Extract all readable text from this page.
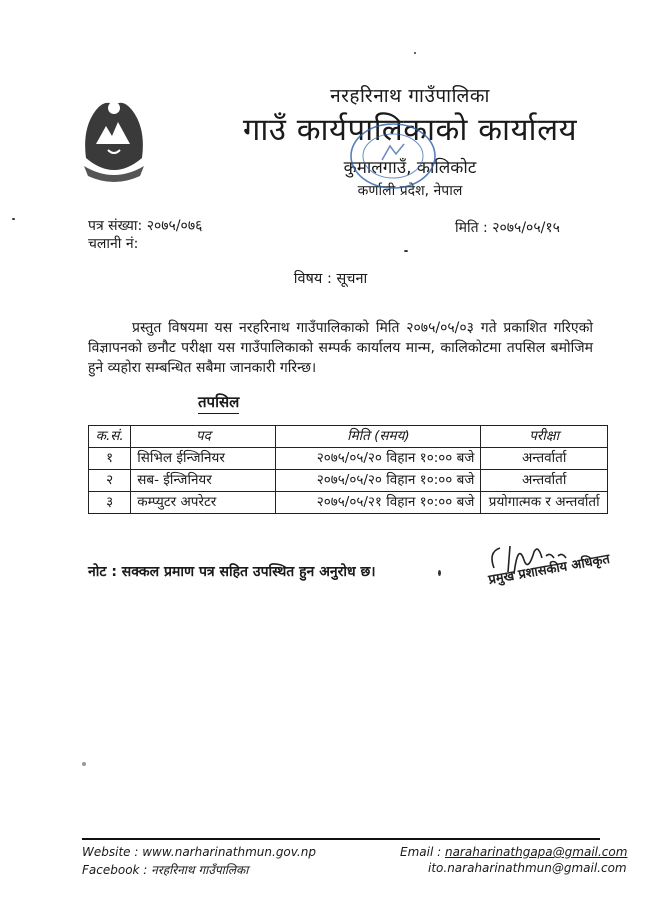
नरहरिनाथ गाउँपालिका
गाउँ कार्यपालिकाको कार्यालय
कुमालगाउँ, कालिकोट
कर्णाली प्रदेश, नेपाल
पत्र संख्या: २०७५/०७६
चलानी नं:
मिति : २०७५/०५/१५
विषय : सूचना
प्रस्तुत विषयमा यस नरहरिनाथ गाउँपालिकाको मिति २०७५/०५/०३ गते प्रकाशित गरिएको विज्ञापनको छनौट परीक्षा यस गाउँपालिकाको सम्पर्क कार्यालय मान्म, कालिकोटमा तपसिल बमोजिम हुने व्यहोरा सम्बन्धित सबैमा जानकारी गरिन्छ।
तपसिल
क.सं.	पद	मिति (समय)	परीक्षा
१	सिभिल ईन्जिनियर	२०७५/०५/२० विहान १०:०० बजे	अन्तर्वार्ता
२	सब- ईन्जिनियर	२०७५/०५/२० विहान १०:०० बजे	अन्तर्वार्ता
३	कम्प्युटर अपरेटर	२०७५/०५/२१ विहान १०:०० बजे	प्रयोगात्मक र अन्तर्वार्ता
नोट : सक्कल प्रमाण पत्र सहित उपस्थित हुन अनुरोध छ।	प्रमुख प्रशासकीय अधिकृत
Website : www.narharinathmun.gov.np
Facebook : नरहरिनाथ गाउँपालिका
Email : naraharinathgapa@gmail.com
ito.naraharinathmun@gmail.com
